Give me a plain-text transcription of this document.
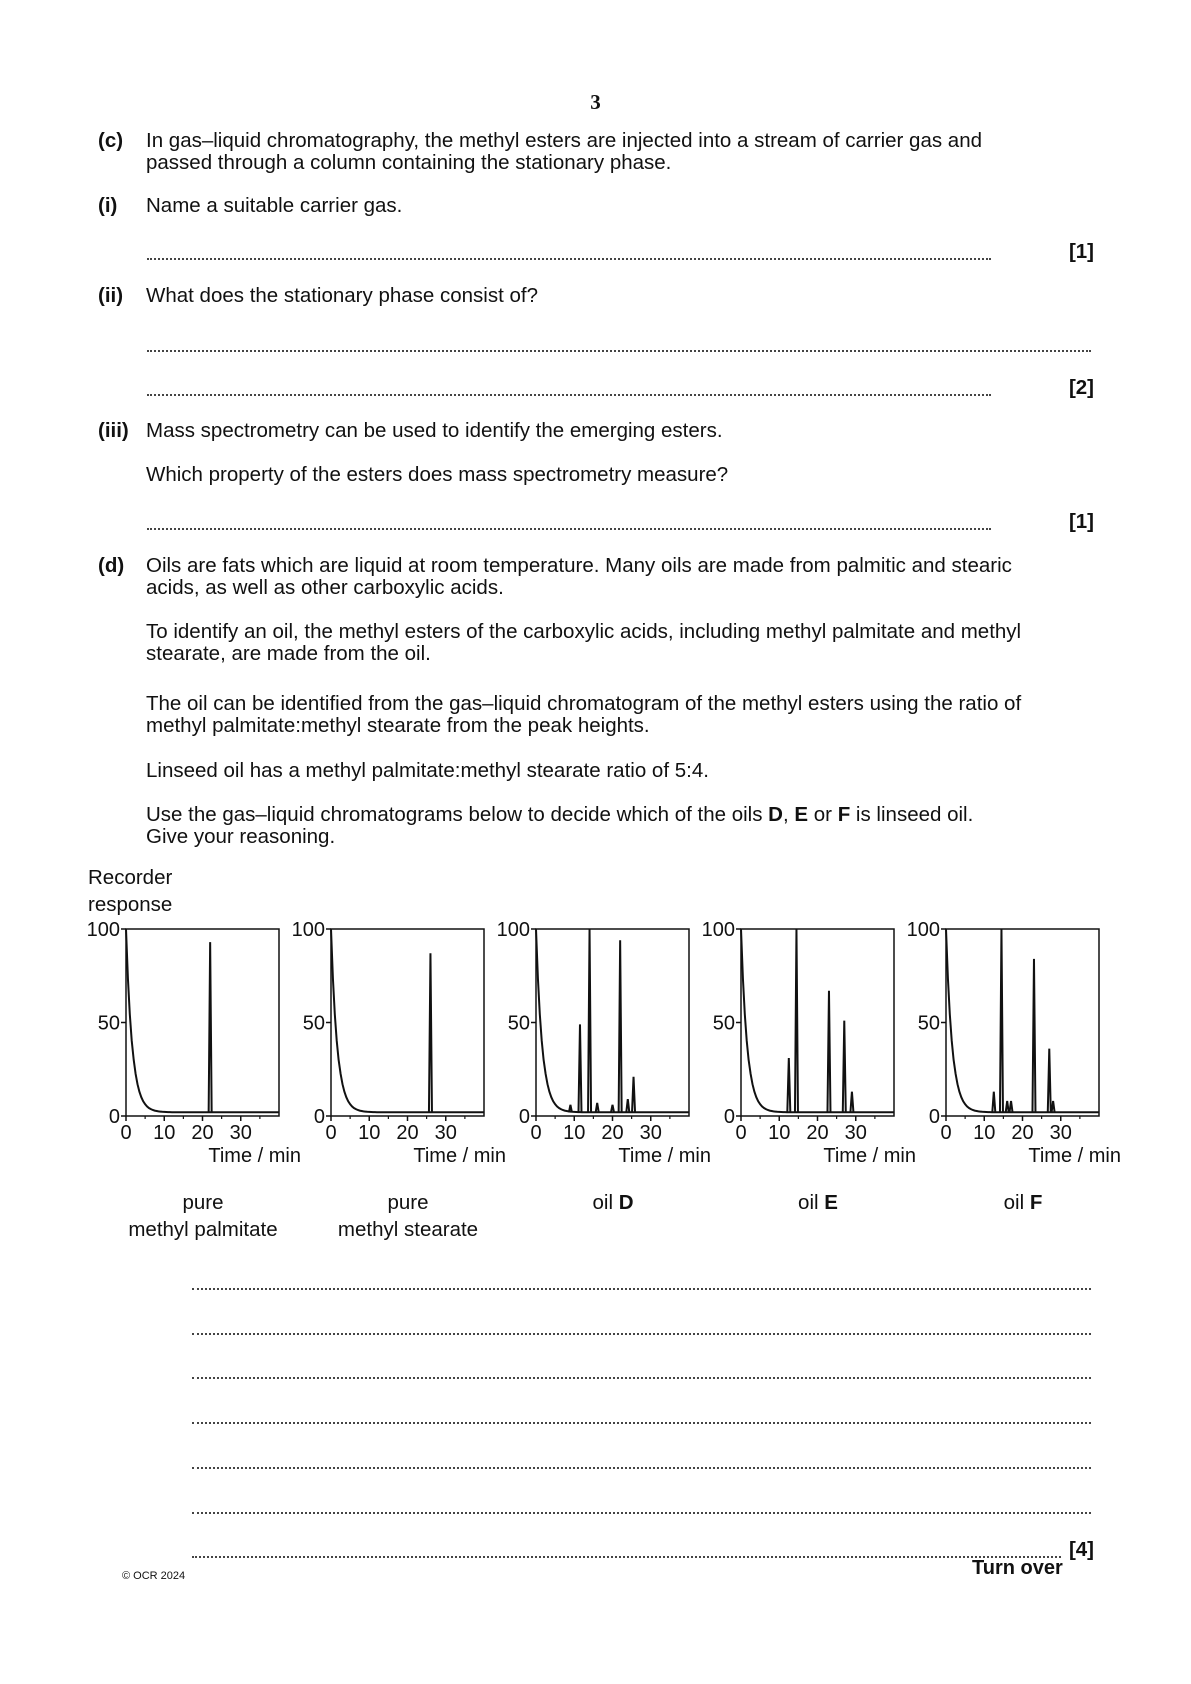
3
(c) In gas–liquid chromatography, the methyl esters are injected into a stream of carrier gas and
passed through a column containing the stationary phase.
(i) Name a suitable carrier gas.
[1]
(ii) What does the stationary phase consist of?
[2]
(iii) Mass spectrometry can be used to identify the emerging esters.
Which property of the esters does mass spectrometry measure?
[1]
(d) Oils are fats which are liquid at room temperature. Many oils are made from palmitic and stearic
acids, as well as other carboxylic acids.
To identify an oil, the methyl esters of the carboxylic acids, including methyl palmitate and methyl
stearate, are made from the oil.
The oil can be identified from the gas–liquid chromatogram of the methyl esters using the ratio of
methyl palmitate:methyl stearate from the peak heights.
Linseed oil has a methyl palmitate:methyl stearate ratio of 5:4.
Use the gas–liquid chromatograms below to decide which of the oils D, E or F is linseed oil.
Give your reasoning.
Recorder
response
0
50
100
0 10 20 30
Time / min
0
50
100
0 10 20 30
Time / min
0
50
100
0 10 20 30
Time / min
0
50
100
0 10 20 30
Time / min
0
50
100
0 10 20 30
Time / min
pure
methyl palmitate
pure
methyl stearate
oil D	oil E	oil F
[4]
© OCR 2024	Turn over
